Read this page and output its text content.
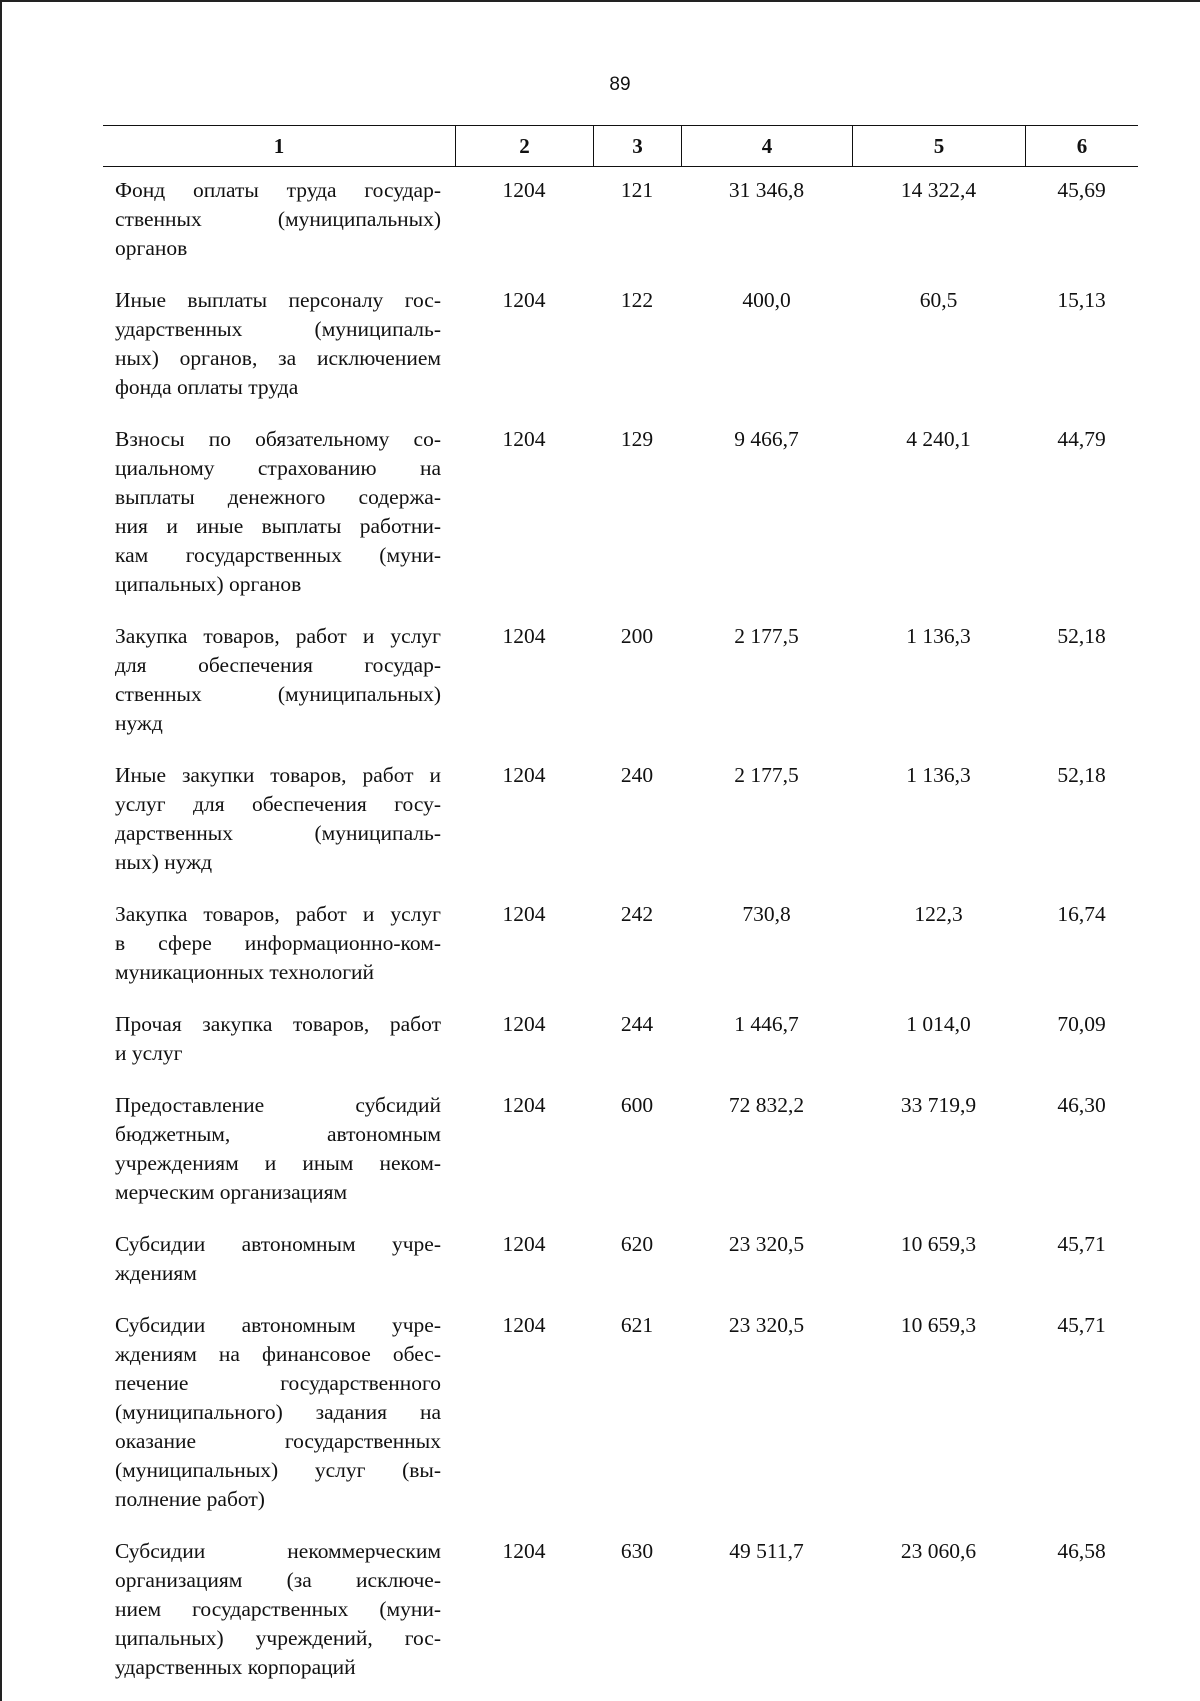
89
1	2	3	4	5	6
Фонд оплаты труда государ-
ственных (муниципальных)
органов
1204	121	31 346,8	14 322,4	45,69
Иные выплаты персоналу гос-
ударственных (муниципаль-
ных) органов, за исключением
фонда оплаты труда
1204	122	400,0	60,5	15,13
Взносы по обязательному со-
циальному страхованию на
выплаты денежного содержа-
ния и иные выплаты работни-
кам государственных (муни-
ципальных) органов
1204	129	9 466,7	4 240,1	44,79
Закупка товаров, работ и услуг
для обеспечения государ-
ственных (муниципальных)
нужд
1204	200	2 177,5	1 136,3	52,18
Иные закупки товаров, работ и
услуг для обеспечения госу-
дарственных (муниципаль-
ных) нужд
1204	240	2 177,5	1 136,3	52,18
Закупка товаров, работ и услуг
в сфере информационно-ком-
муникационных технологий
1204	242	730,8	122,3	16,74
Прочая закупка товаров, работ
и услуг
1204	244	1 446,7	1 014,0	70,09
Предоставление субсидий
бюджетным, автономным
учреждениям и иным неком-
мерческим организациям
1204	600	72 832,2	33 719,9	46,30
Субсидии автономным учре-
ждениям
1204	620	23 320,5	10 659,3	45,71
Субсидии автономным учре-
ждениям на финансовое обес-
печение государственного
(муниципального) задания на
оказание государственных
(муниципальных) услуг (вы-
полнение работ)
1204	621	23 320,5	10 659,3	45,71
Субсидии некоммерческим
организациям (за исключе-
нием государственных (муни-
ципальных) учреждений, гос-
ударственных корпораций
1204	630	49 511,7	23 060,6	46,58
